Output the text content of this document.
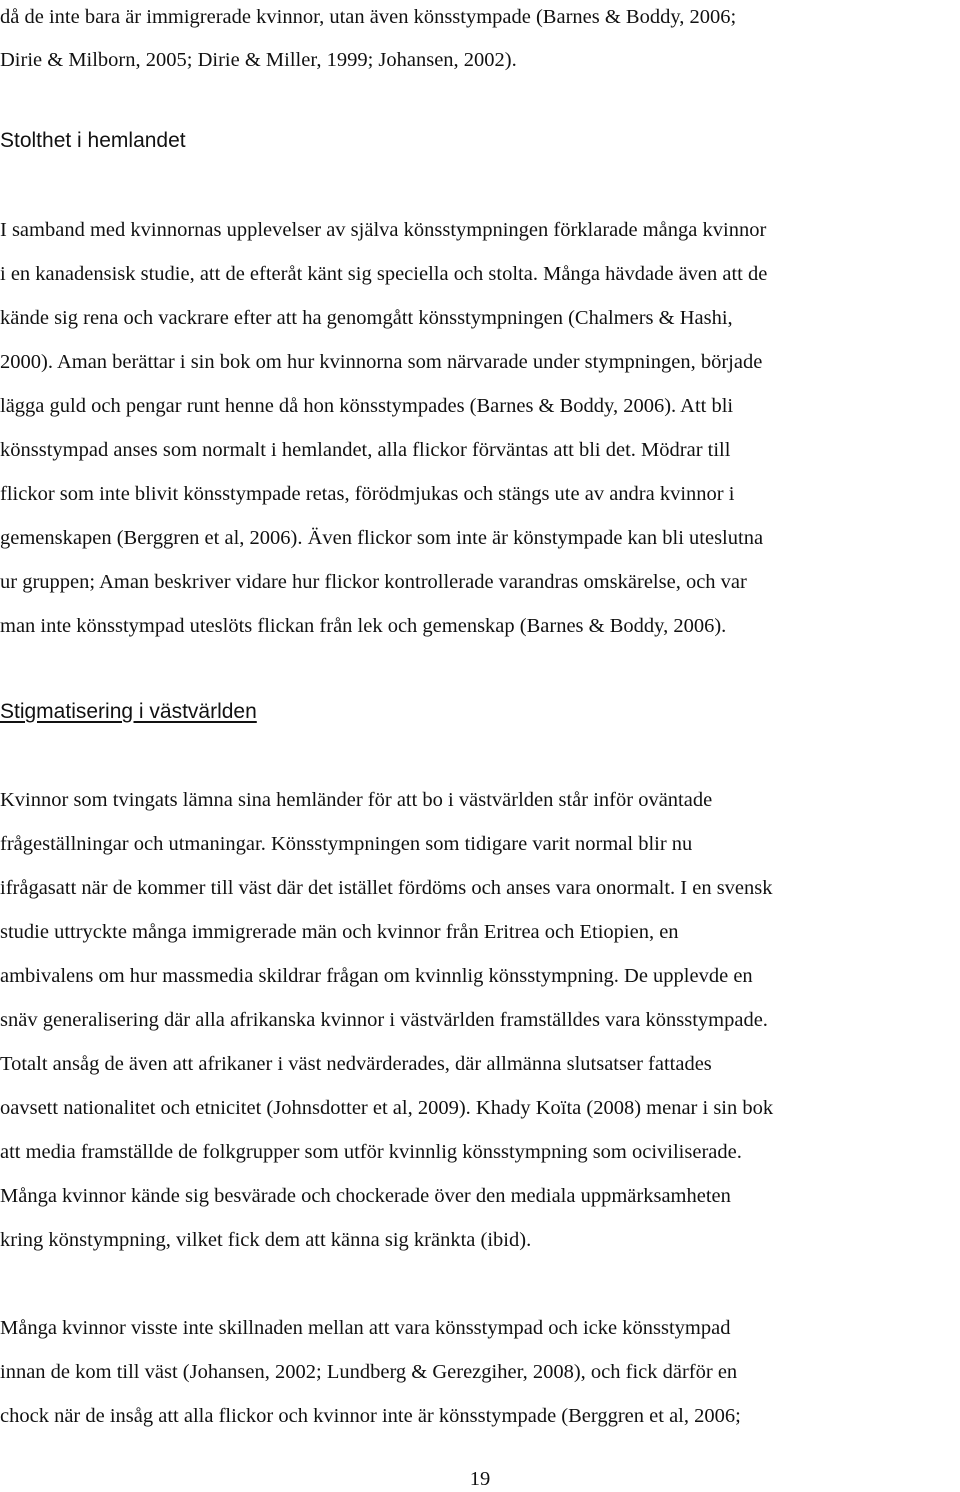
då de inte bara är immigrerade kvinnor, utan även könsstympade (Barnes & Boddy, 2006;
Dirie & Milborn, 2005; Dirie & Miller, 1999; Johansen, 2002).
Stolthet i hemlandet
I samband med kvinnornas upplevelser av själva könsstympningen förklarade många kvinnor
i en kanadensisk studie, att de efteråt känt sig speciella och stolta. Många hävdade även att de
kände sig rena och vackrare efter att ha genomgått könsstympningen (Chalmers & Hashi,
2000). Aman berättar i sin bok om hur kvinnorna som närvarade under stympningen, började
lägga guld och pengar runt henne då hon könsstympades (Barnes & Boddy, 2006). Att bli
könsstympad anses som normalt i hemlandet, alla flickor förväntas att bli det. Mödrar till
flickor som inte blivit könsstympade retas, förödmjukas och stängs ute av andra kvinnor i
gemenskapen (Berggren et al, 2006). Även flickor som inte är könstympade kan bli uteslutna
ur gruppen; Aman beskriver vidare hur flickor kontrollerade varandras omskärelse, och var
man inte könsstympad uteslöts flickan från lek och gemenskap (Barnes & Boddy, 2006).
Stigmatisering i västvärlden
Kvinnor som tvingats lämna sina hemländer för att bo i västvärlden står inför oväntade
frågeställningar och utmaningar. Könsstympningen som tidigare varit normal blir nu
ifrågasatt när de kommer till väst där det istället fördöms och anses vara onormalt. I en svensk
studie uttryckte många immigrerade män och kvinnor från Eritrea och Etiopien, en
ambivalens om hur massmedia skildrar frågan om kvinnlig könsstympning. De upplevde en
snäv generalisering där alla afrikanska kvinnor i västvärlden framställdes vara könsstympade.
Totalt ansåg de även att afrikaner i väst nedvärderades, där allmänna slutsatser fattades
oavsett nationalitet och etnicitet (Johnsdotter et al, 2009). Khady Koïta (2008) menar i sin bok
att media framställde de folkgrupper som utför kvinnlig könsstympning som ociviliserade.
Många kvinnor kände sig besvärade och chockerade över den mediala uppmärksamheten
kring könstympning, vilket fick dem att känna sig kränkta (ibid).
Många kvinnor visste inte skillnaden mellan att vara könsstympad och icke könsstympad
innan de kom till väst (Johansen, 2002; Lundberg & Gerezgiher, 2008), och fick därför en
chock när de insåg att alla flickor och kvinnor inte är könsstympade (Berggren et al, 2006;
19
